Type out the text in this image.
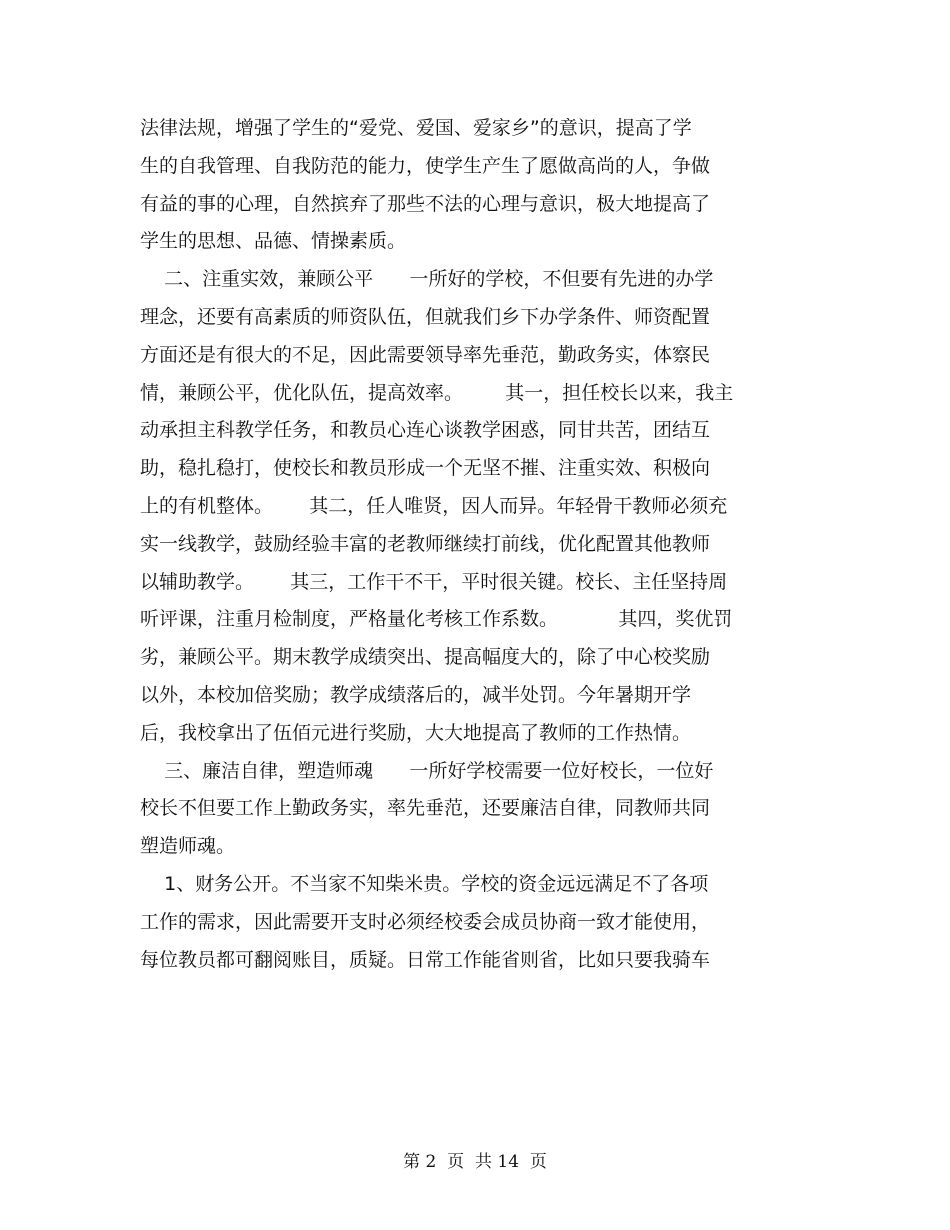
法律法规，增强了学生的“爱党、爱国、爱家乡”的意识，提高了学
生的自我管理、自我防范的能力，使学生产生了愿做高尚的人，争做
有益的事的心理，自然摈弃了那些不法的心理与意识，极大地提高了
学生的思想、品德、情操素质。
二、注重实效，兼顾公平      一所好的学校，不但要有先进的办学
理念，还要有高素质的师资队伍，但就我们乡下办学条件、师资配置
方面还是有很大的不足，因此需要领导率先垂范，勤政务实，体察民
情，兼顾公平，优化队伍，提高效率。       其一，担任校长以来，我主
动承担主科教学任务，和教员心连心谈教学困惑，同甘共苦，团结互
助，稳扎稳打，使校长和教员形成一个无坚不摧、注重实效、积极向
上的有机整体。      其二，任人唯贤，因人而异。年轻骨干教师必须充
实一线教学，鼓励经验丰富的老教师继续打前线，优化配置其他教师
以辅助教学。      其三，工作干不干，平时很关键。校长、主任坚持周
听评课，注重月检制度，严格量化考核工作系数。          其四，奖优罚
劣，兼顾公平。期末教学成绩突出、提高幅度大的，除了中心校奖励
以外，本校加倍奖励；教学成绩落后的，减半处罚。今年暑期开学
后，我校拿出了伍佰元进行奖励，大大地提高了教师的工作热情。
三、廉洁自律，塑造师魂      一所好学校需要一位好校长，一位好
校长不但要工作上勤政务实，率先垂范，还要廉洁自律，同教师共同
塑造师魂。
1、财务公开。不当家不知柴米贵。学校的资金远远满足不了各项
工作的需求，因此需要开支时必须经校委会成员协商一致才能使用，
每位教员都可翻阅账目，质疑。日常工作能省则省，比如只要我骑车
第 2  页  共 14  页
